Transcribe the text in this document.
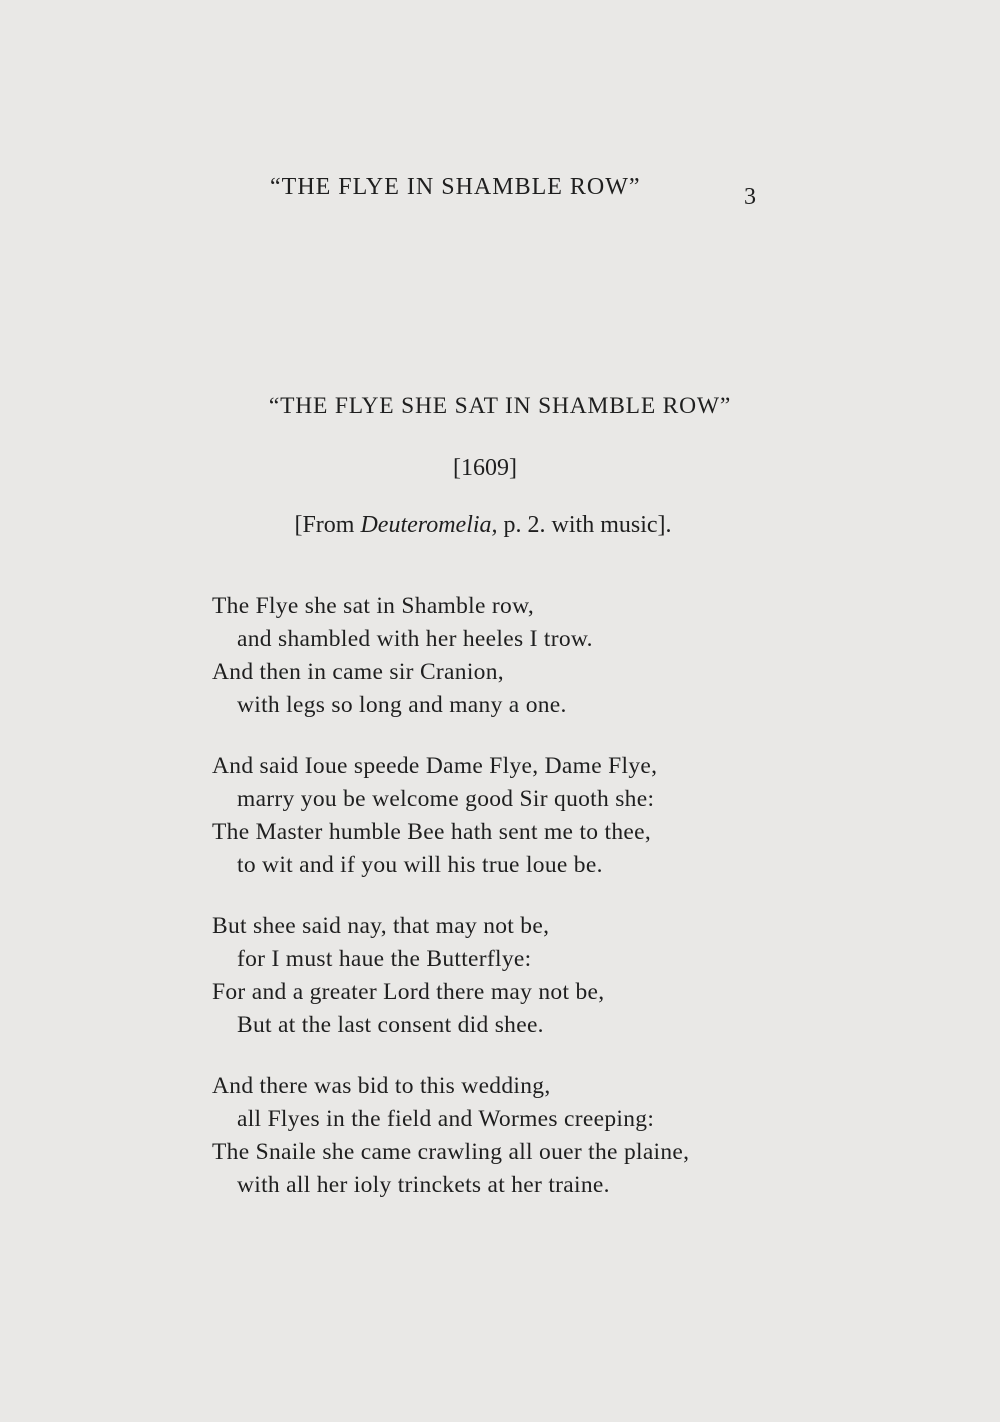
“THE FLYE IN SHAMBLE ROW”	3
“THE FLYE SHE SAT IN SHAMBLE ROW”
[1609]
[From Deuteromelia, p. 2. with music].
The Flye she sat in Shamble row,
and shambled with her heeles I trow.
And then in came sir Cranion,
with legs so long and many a one.
And said Ioue speede Dame Flye, Dame Flye,
marry you be welcome good Sir quoth she:
The Master humble Bee hath sent me to thee,
to wit and if you will his true loue be.
But shee said nay, that may not be,
for I must haue the Butterflye:
For and a greater Lord there may not be,
But at the last consent did shee.
And there was bid to this wedding,
all Flyes in the field and Wormes creeping:
The Snaile she came crawling all ouer the plaine,
with all her ioly trinckets at her traine.
